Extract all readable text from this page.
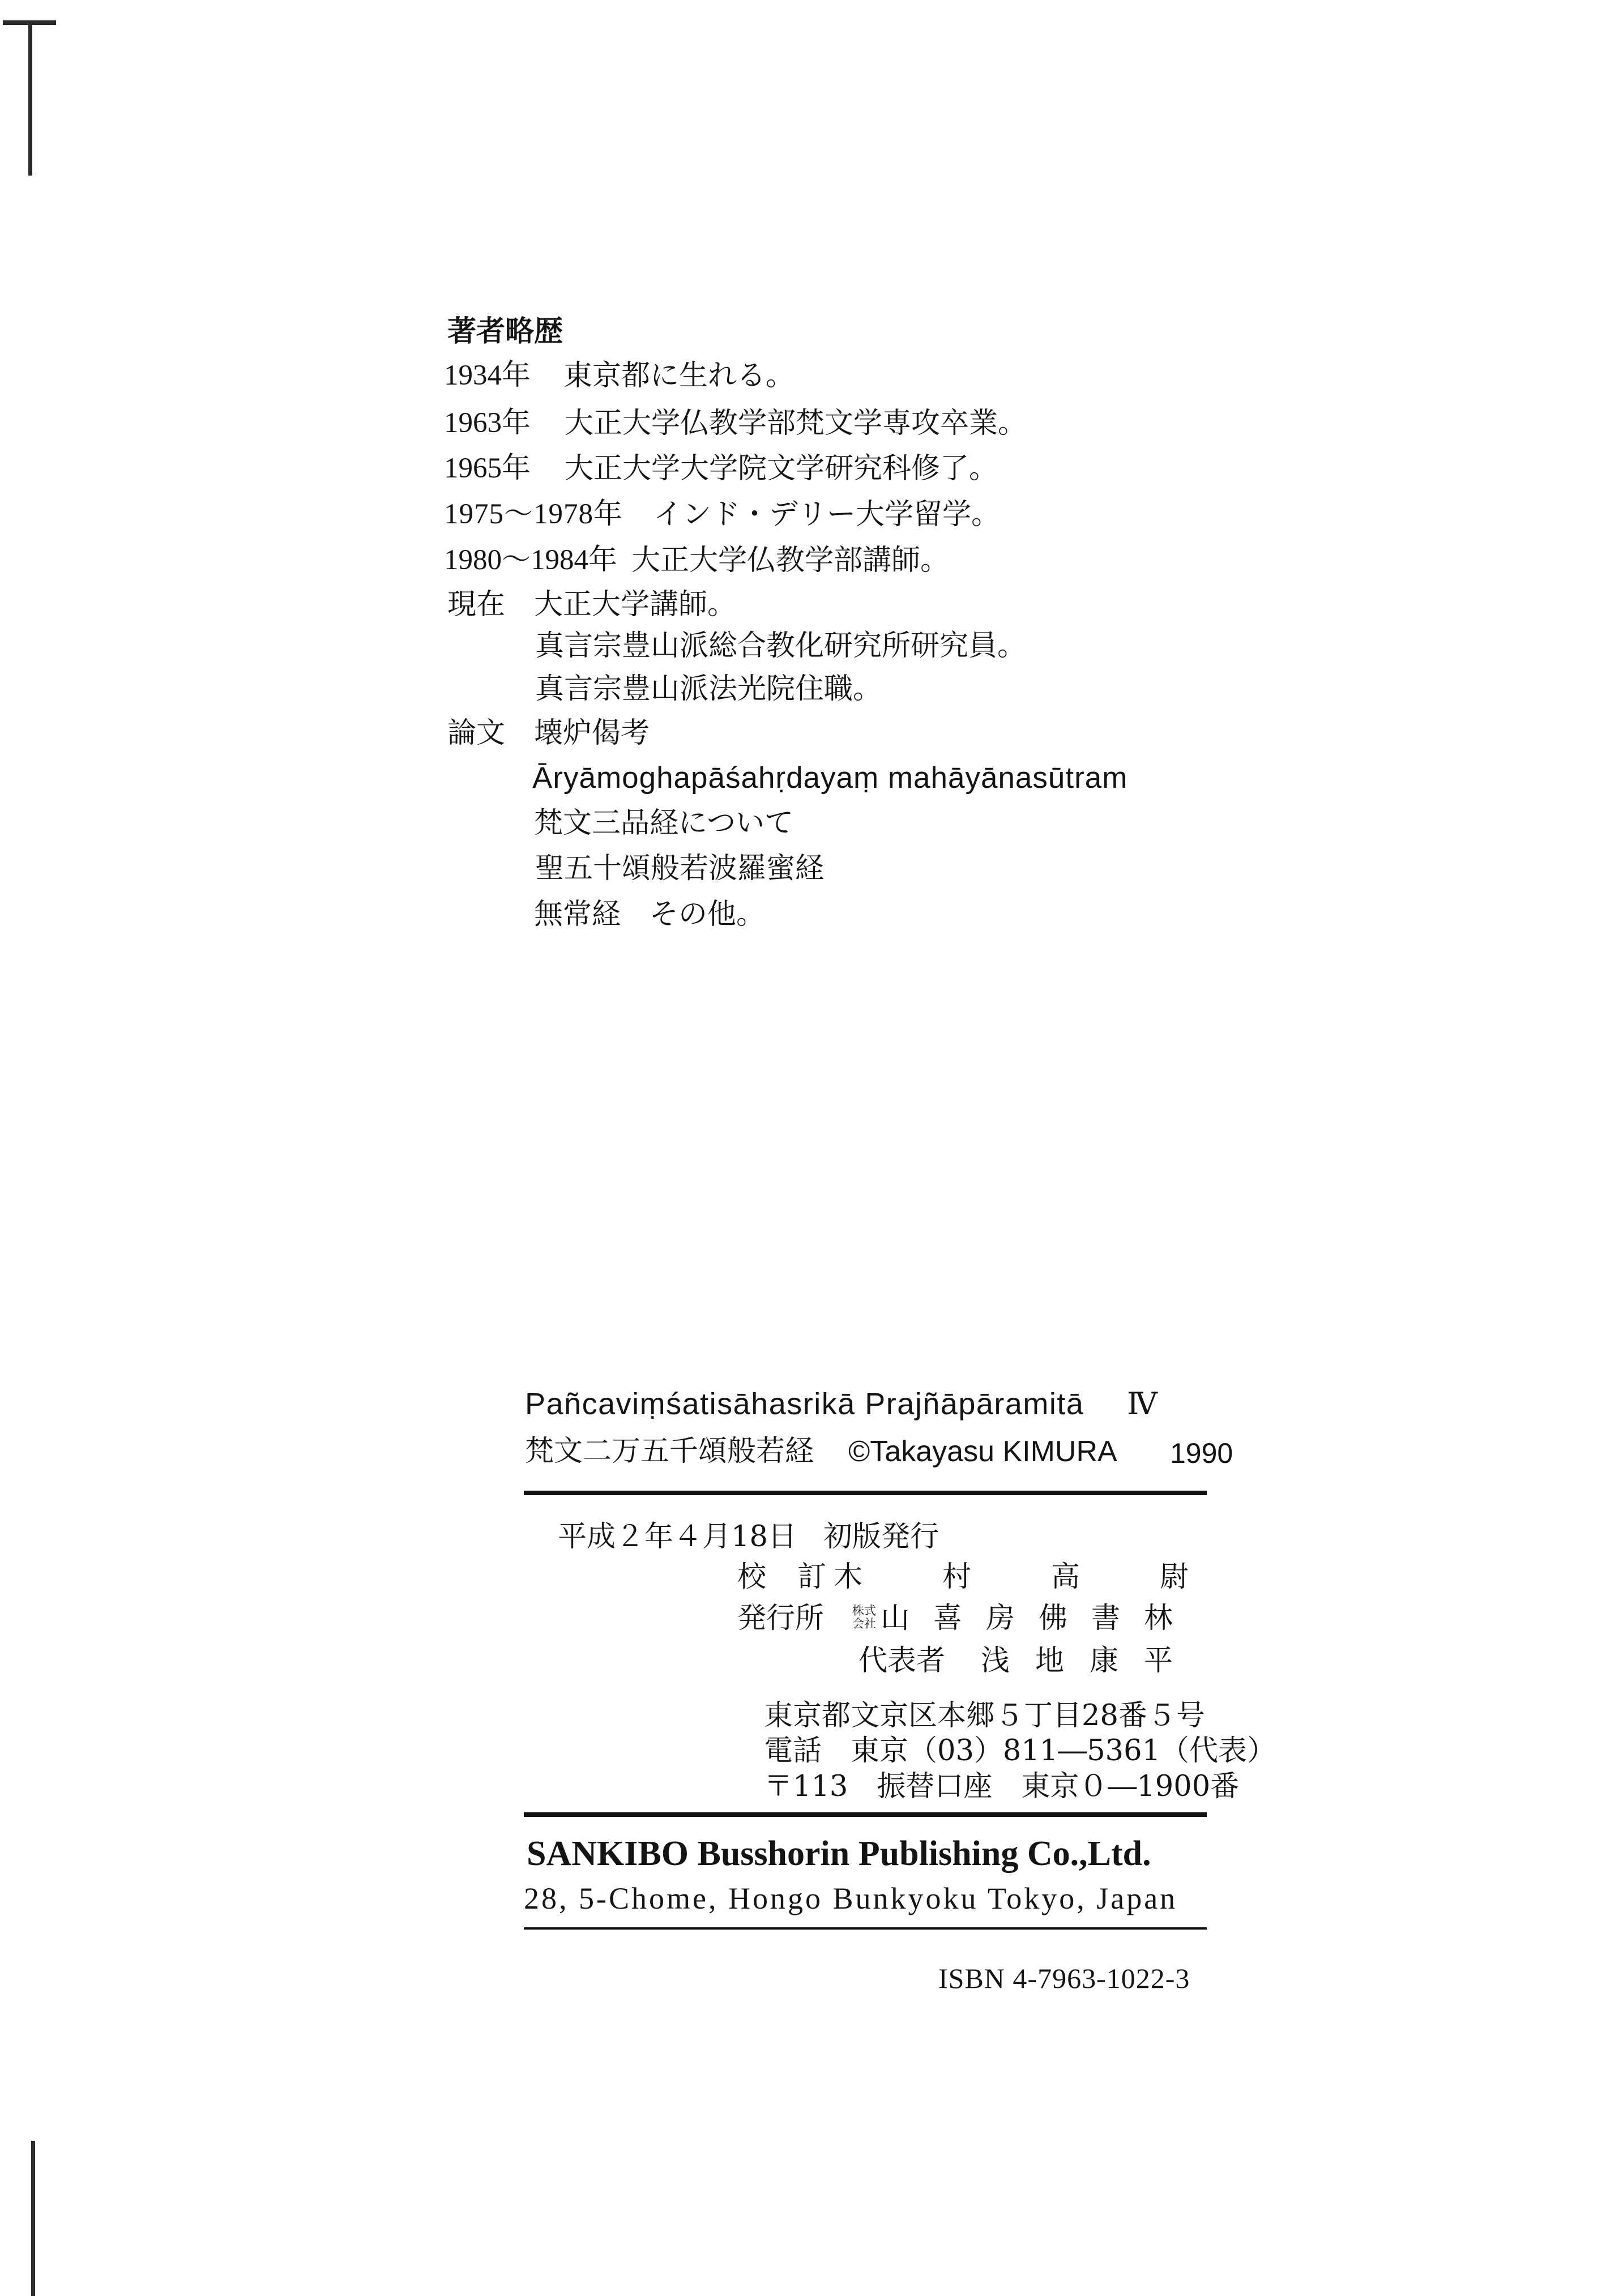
著者略歴
1934年 東京都に生れる。
1963年 大正大学仏教学部梵文学専攻卒業。
1965年 大正大学大学院文学研究科修了。
1975～1978年 インド・デリー大学留学。
1980～1984年 大正大学仏教学部講師。
現在 大正大学講師。
真言宗豊山派総合教化研究所研究員。
真言宗豊山派法光院住職。
論文 壊炉偈考
Āryāmoghapāśahṛdayaṃ mahāyānasūtram
梵文三品経について
聖五十頌般若波羅蜜経
無常経　その他。
Pañcaviṃśatisāhasrikā Prajñāpāramitā Ⅳ
梵文二万五千頌般若経 ©Takayasu KIMURA 1990
平成２年４月18日 初版発行
校　訂 木　村　高　尉
発行所 株式
会社 山　喜　房　佛　書　林
代表者 浅　地　康　平
東京都文京区本郷５丁目28番５号
電話　東京（03）811―5361（代表）
〒113　振替口座　東京０―1900番
SANKIBO Busshorin Publishing Co.,Ltd.
28, 5-Chome, Hongo Bunkyoku Tokyo, Japan
ISBN 4-7963-1022-3
